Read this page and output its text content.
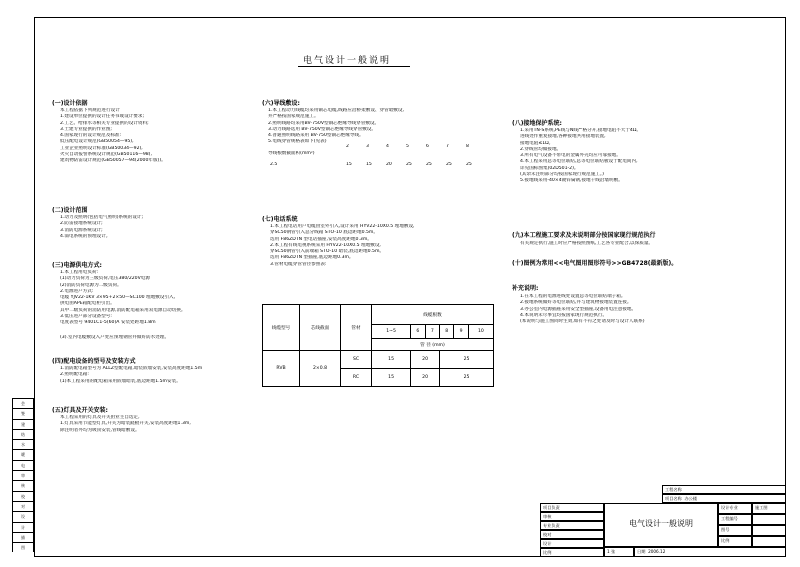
电气设计一般说明
(一)设计依据
本工程依据下列规范进行设计
1.建设单位提供的设计任务书或设计要求;
2.工艺、给排水等相关专业提供的设计资料;
3.土建专业提供的作业图;
4.国家现行的设计规范及标准:
低压配电设计规范(GB50054—95),
工业企业照明设计标准(GB50034—92),
火灾自动报警系统设计规范(GB50116—98),
建筑物防雷设计规范(GB50057—94(2000年版))。
(二)设计范围
1.动力及照明(包括电气照明)系统的设计;
2.防雷接地系统设计;
3.消防电源系统设计;
4.弱电系统的预埋设计。
(三)电源供电方式:
1.本工程用电负荷:
(1)动力负荷为三级负荷,电压380/220V电源
(2)消防负荷电源为二级负荷。
2.电源进户方式:
电缆 YJV22-1KV 3×95+2×50—SC100 埋地敷设引入,
供电由APE箱配电柜引出。
其中二级负荷的消防用电源,消防配电箱采用双电源自动切换。
3.低压进户部分设备型号:
电度表型号 9401C1-5(60)A 安装处距地1.8m
(3).室内电缆敷设入户处应预埋钢管并做好防水处理。
(四)配电设备的型号及安装方式
1.消防配电箱型号为 ALLZ型配电箱,暗装嵌墙安装,安装高度距地1.5m
2.照明配电箱:
(1)本工程采用的配电箱采用嵌墙暗装,底边距地1.5m安装。
(五)灯具及开关安装:
本工程采用的灯具及开关由业主自选定,
1.灯具采用节能型灯具,开关为暗装跷板开关,安装高度距地1.3m,
除注明者外均为吸顶安装,管线暗敷设。
(六)导线敷设:
1.本工程动力线缆均采用铜芯电缆,线路应沿桥架敷设、穿管暗敷设,
并严格按国家规范施工。
2.照明线路均采用BV-750V型铜芯绝缘导线穿管敷设。
3.动力线路选用 BV-750V型铜芯绝缘导线穿管敷设。
4.普通照明线路采用 BV-750型铜芯绝缘导线。
5.电线穿管规格表如下(见表)
导线根数截面积(mm²)
2	3	4	5	6	7	8
2.5	15	15	20	25	25	25	25
(七)电话系统
1.本工程电话用户电缆由室外引入,设计采用 HYV22-10X0.5 埋地敷设,
穿SC50钢管引入总分线箱 STO-10 底边距地0.5m。
选用 F86ZDTN 型电话插座,安装高度距地0.3m。
2.本工程有线电视系统采用 HYV22-10X0.5 埋地敷设,
穿SC50钢管引入前端箱 STO-10 暗装,底边距地0.5m。
选用 F86ZDTN 型插座,底边距地0.3m。
3.管材电缆穿管管径参照表:
线缆型号	芯线截面	管材	线缆根数					
			1~5	6	7	8	9	10
			管 径 (mm)					
RVB	2×0.8	SC	15	20		25		
		RC	15	20		25		
(八)接地保护系统:
1.采用TN-S系统,PE线与N线严格分开,接地电阻不大于4Ω。
进线处作重复接地,各种接地共用接地装置,
接地电阻≤1Ω。
2.穿线管均做接地。
3.所有电气设备不带电的金属外壳均应可靠接地。
4.本工程采用总等电位联结,总等电位联结板设于配电间内,
详见国标图集(02D501-2)。
(其余未注明部分均按国家现行规范施工。)
5.接地线采用-40×4镀锌扁钢,接地干线沿墙明敷。
(九)本工程施工要求及未说明部分按国家现行规范执行
有关规定执行,施工时应严格按照图纸,工艺各专业配合,以保质量。
(十)图例为常用<<电气图用图形符号>>GB4728(最新版)。
补充说明:
1.在本工程的电源进线处设置总等电位联结端子箱。
2.接地系统做好等电位联结,并与建筑物接地装置连接。
3.办公室内电源插座采用安全型插座,设备用电注意接地。
4.本说明未尽事宜均按国家现行规范执行。
(本说明与施工图同时生效,如有不符之处请及时与设计人联系)
会
签
建
结
水
暖
电
审
核
校
对
设
计
描
图
工程名称
项目名称 办公楼
项目负责
审核
专业负责
校对
设计
比例
电气设计一般说明
设计专业	施工图
工程编号
图号
比例
1 张	日期 2006.12
